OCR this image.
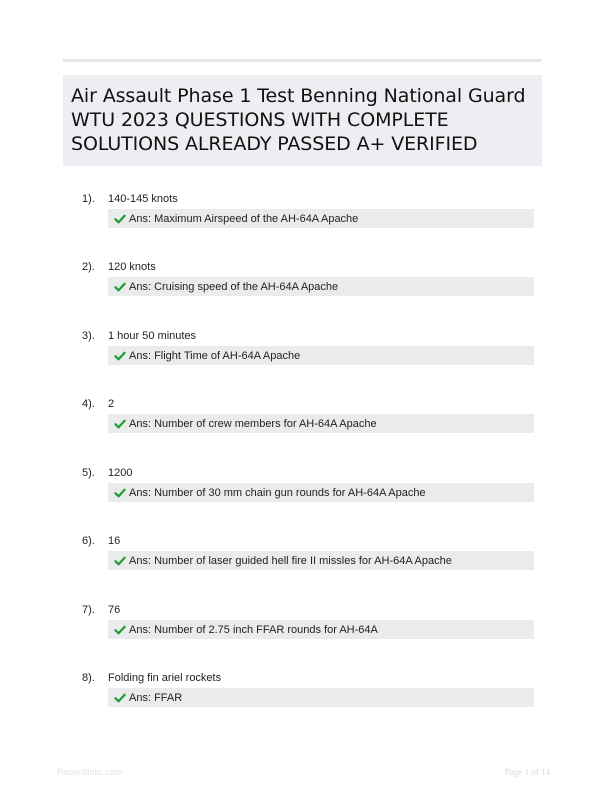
Air Assault Phase 1 Test Benning National Guard WTU 2023 QUESTIONS WITH COMPLETE SOLUTIONS ALREADY PASSED A+ VERIFIED
1). 140-145 knots
Ans: Maximum Airspeed of the AH-64A Apache
2). 120 knots
Ans: Cruising speed of the AH-64A Apache
3). 1 hour 50 minutes
Ans: Flight Time of AH-64A Apache
4). 2
Ans: Number of crew members for AH-64A Apache
5). 1200
Ans: Number of 30 mm chain gun rounds for AH-64A Apache
6). 16
Ans: Number of laser guided hell fire II missles for AH-64A Apache
7). 76
Ans: Number of 2.75 inch FFAR rounds for AH-64A
8). Folding fin ariel rockets
Ans: FFAR
PaperStolic.com	Page 1 of 14
